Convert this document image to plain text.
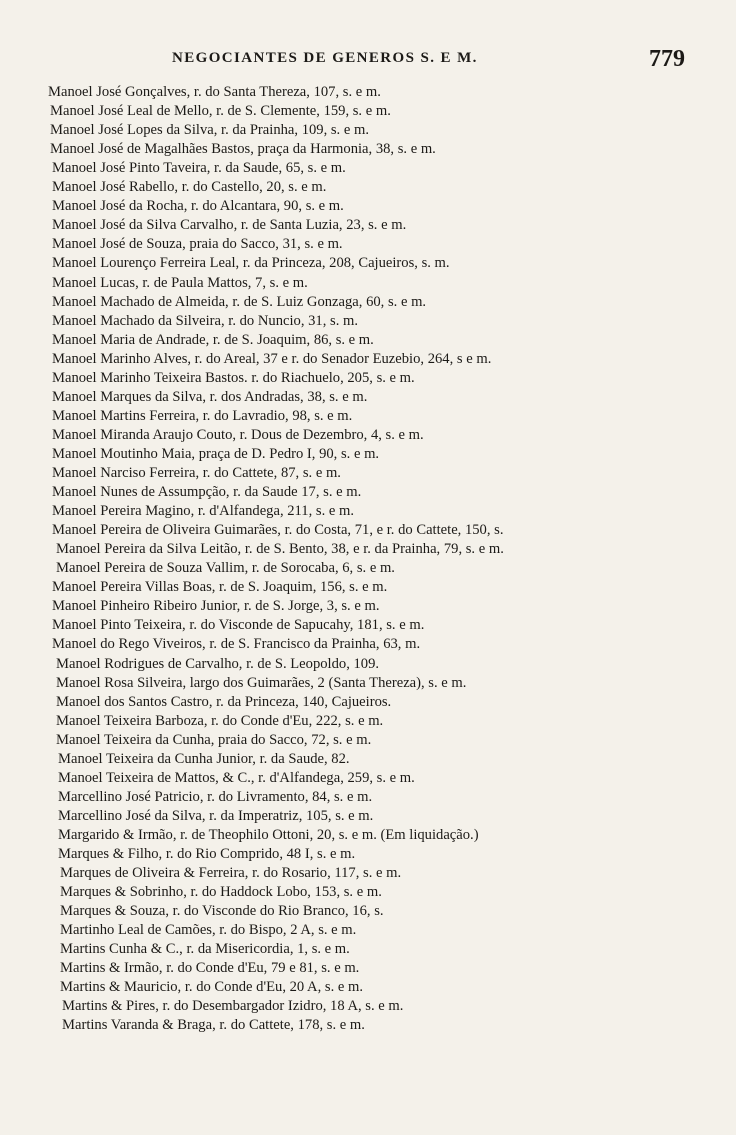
NEGOCIANTES DE GENEROS S. E M.	779
Manoel José Gonçalves, r. do Santa Thereza, 107, s. e m.
Manoel José Leal de Mello, r. de S. Clemente, 159, s. e m.
Manoel José Lopes da Silva, r. da Prainha, 109, s. e m.
Manoel José de Magalhães Bastos, praça da Harmonia, 38, s. e m.
Manoel José Pinto Taveira, r. da Saude, 65, s. e m.
Manoel José Rabello, r. do Castello, 20, s. e m.
Manoel José da Rocha, r. do Alcantara, 90, s. e m.
Manoel José da Silva Carvalho, r. de Santa Luzia, 23, s. e m.
Manoel José de Souza, praia do Sacco, 31, s. e m.
Manoel Lourenço Ferreira Leal, r. da Princeza, 208, Cajueiros, s. m.
Manoel Lucas, r. de Paula Mattos, 7, s. e m.
Manoel Machado de Almeida, r. de S. Luiz Gonzaga, 60, s. e m.
Manoel Machado da Silveira, r. do Nuncio, 31, s. m.
Manoel Maria de Andrade, r. de S. Joaquim, 86, s. e m.
Manoel Marinho Alves, r. do Areal, 37 e r. do Senador Euzebio, 264, s e m.
Manoel Marinho Teixeira Bastos. r. do Riachuelo, 205, s. e m.
Manoel Marques da Silva, r. dos Andradas, 38, s. e m.
Manoel Martins Ferreira, r. do Lavradio, 98, s. e m.
Manoel Miranda Araujo Couto, r. Dous de Dezembro, 4, s. e m.
Manoel Moutinho Maia, praça de D. Pedro I, 90, s. e m.
Manoel Narciso Ferreira, r. do Cattete, 87, s. e m.
Manoel Nunes de Assumpção, r. da Saude 17, s. e m.
Manoel Pereira Magino, r. d'Alfandega, 211, s. e m.
Manoel Pereira de Oliveira Guimarães, r. do Costa, 71, e r. do Cattete, 150, s.
Manoel Pereira da Silva Leitão, r. de S. Bento, 38, e r. da Prainha, 79, s. e m.
Manoel Pereira de Souza Vallim, r. de Sorocaba, 6, s. e m.
Manoel Pereira Villas Boas, r. de S. Joaquim, 156, s. e m.
Manoel Pinheiro Ribeiro Junior, r. de S. Jorge, 3, s. e m.
Manoel Pinto Teixeira, r. do Visconde de Sapucahy, 181, s. e m.
Manoel do Rego Viveiros, r. de S. Francisco da Prainha, 63, m.
Manoel Rodrigues de Carvalho, r. de S. Leopoldo, 109.
Manoel Rosa Silveira, largo dos Guimarães, 2 (Santa Thereza), s. e m.
Manoel dos Santos Castro, r. da Princeza, 140, Cajueiros.
Manoel Teixeira Barboza, r. do Conde d'Eu, 222, s. e m.
Manoel Teixeira da Cunha, praia do Sacco, 72, s. e m.
Manoel Teixeira da Cunha Junior, r. da Saude, 82.
Manoel Teixeira de Mattos, & C., r. d'Alfandega, 259, s. e m.
Marcellino José Patricio, r. do Livramento, 84, s. e m.
Marcellino José da Silva, r. da Imperatriz, 105, s. e m.
Margarido & Irmão, r. de Theophilo Ottoni, 20, s. e m. (Em liquidação.)
Marques & Filho, r. do Rio Comprido, 48 I, s. e m.
Marques de Oliveira & Ferreira, r. do Rosario, 117, s. e m.
Marques & Sobrinho, r. do Haddock Lobo, 153, s. e m.
Marques & Souza, r. do Visconde do Rio Branco, 16, s.
Martinho Leal de Camões, r. do Bispo, 2 A, s. e m.
Martins Cunha & C., r. da Misericordia, 1, s. e m.
Martins & Irmão, r. do Conde d'Eu, 79 e 81, s. e m.
Martins & Mauricio, r. do Conde d'Eu, 20 A, s. e m.
Martins & Pires, r. do Desembargador Izidro, 18 A, s. e m.
Martins Varanda & Braga, r. do Cattete, 178, s. e m.
